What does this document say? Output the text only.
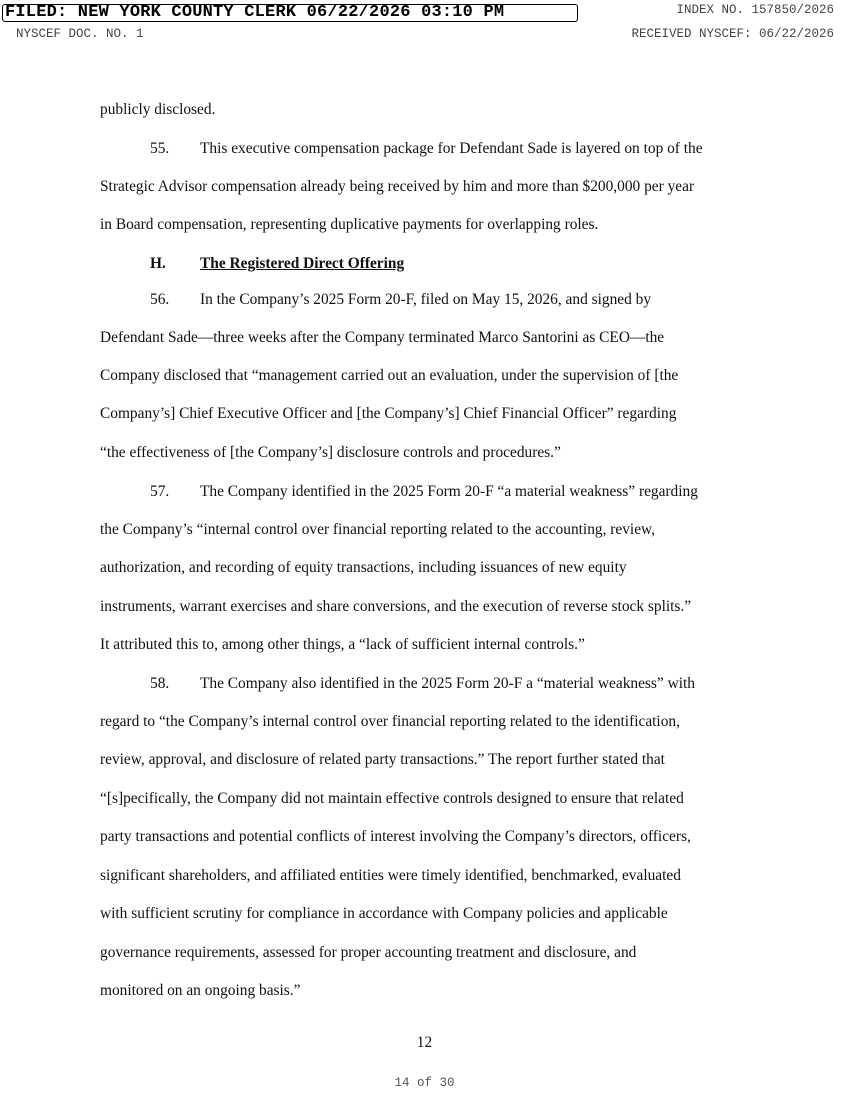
FILED: NEW YORK COUNTY CLERK 06/22/2026 03:10 PM	INDEX NO. 157850/2026
NYSCEF DOC. NO. 1	RECEIVED NYSCEF: 06/22/2026
publicly disclosed.
55. This executive compensation package for Defendant Sade is layered on top of the
Strategic Advisor compensation already being received by him and more than $200,000 per year
in Board compensation, representing duplicative payments for overlapping roles.
H. The Registered Direct Offering
56. In the Company’s 2025 Form 20-F, filed on May 15, 2026, and signed by
Defendant Sade—three weeks after the Company terminated Marco Santorini as CEO—the
Company disclosed that “management carried out an evaluation, under the supervision of [the
Company’s] Chief Executive Officer and [the Company’s] Chief Financial Officer” regarding
“the effectiveness of [the Company’s] disclosure controls and procedures.”
57. The Company identified in the 2025 Form 20-F “a material weakness” regarding
the Company’s “internal control over financial reporting related to the accounting, review,
authorization, and recording of equity transactions, including issuances of new equity
instruments, warrant exercises and share conversions, and the execution of reverse stock splits.”
It attributed this to, among other things, a “lack of sufficient internal controls.”
58. The Company also identified in the 2025 Form 20-F a “material weakness” with
regard to “the Company’s internal control over financial reporting related to the identification,
review, approval, and disclosure of related party transactions.” The report further stated that
“[s]pecifically, the Company did not maintain effective controls designed to ensure that related
party transactions and potential conflicts of interest involving the Company’s directors, officers,
significant shareholders, and affiliated entities were timely identified, benchmarked, evaluated
with sufficient scrutiny for compliance in accordance with Company policies and applicable
governance requirements, assessed for proper accounting treatment and disclosure, and
monitored on an ongoing basis.”
12
14 of 30
